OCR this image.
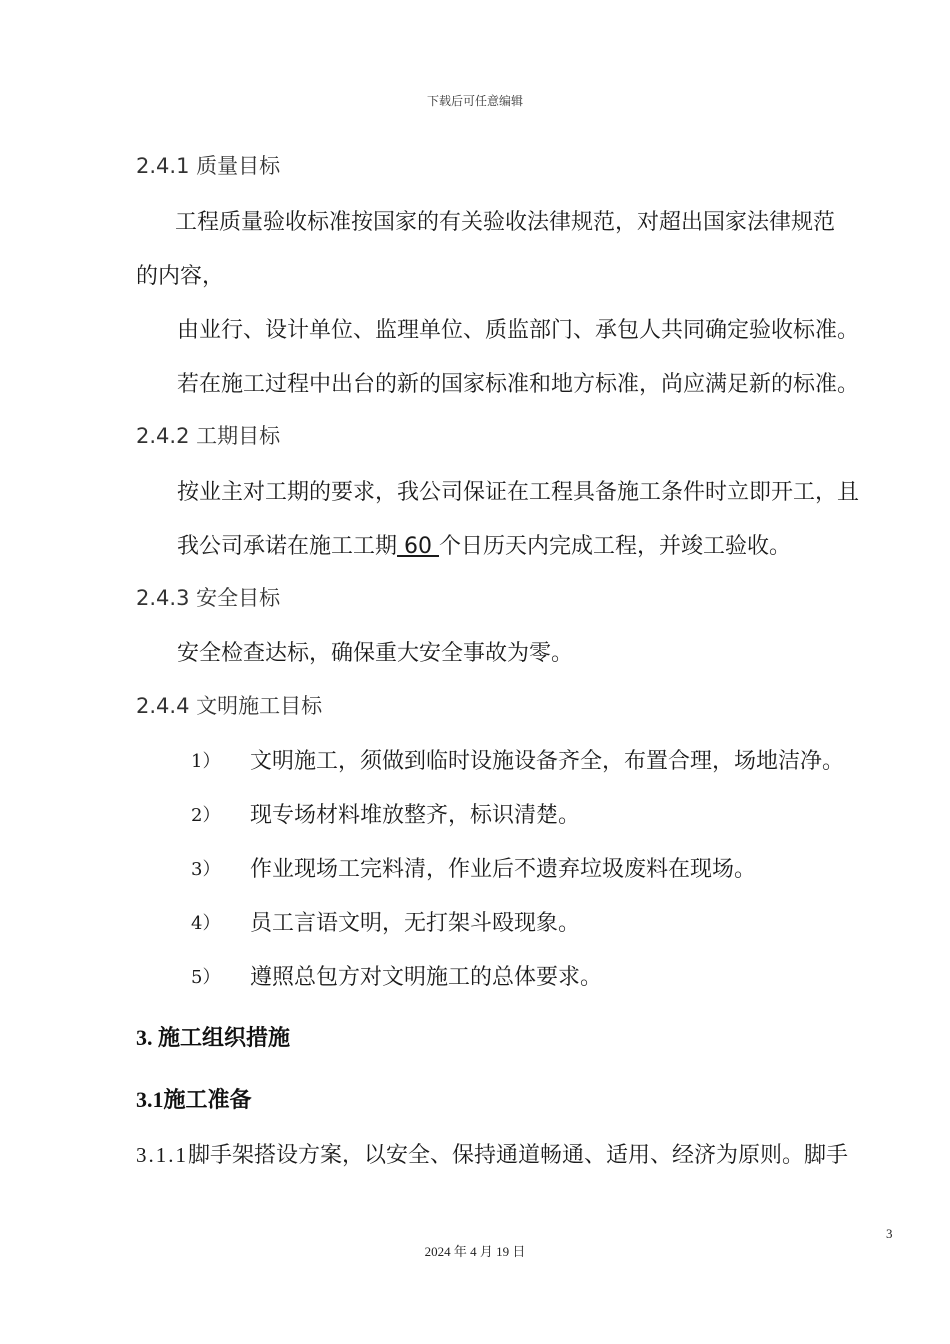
下载后可任意编辑
2.4.1 质量目标
工程质量验收标准按国家的有关验收法律规范，对超出国家法律规范
的内容，
由业行、设计单位、监理单位、质监部门、承包人共同确定验收标准。
若在施工过程中出台的新的国家标准和地方标准，尚应满足新的标准。
2.4.2 工期目标
按业主对工期的要求，我公司保证在工程具备施工条件时立即开工，且
我公司承诺在施工工期 60 个日历天内完成工程，并竣工验收。
2.4.3 安全目标
安全检查达标，确保重大安全事故为零。
2.4.4 文明施工目标
1） 文明施工，须做到临时设施设备齐全，布置合理，场地洁净。
2） 现专场材料堆放整齐，标识清楚。
3） 作业现场工完料清，作业后不遗弃垃圾废料在现场。
4） 员工言语文明，无打架斗殴现象。
5） 遵照总包方对文明施工的总体要求。
3. 施工组织措施
3.1施工准备
3.1.1脚手架搭设方案，以安全、保持通道畅通、适用、经济为原则。脚手
3
2024 年 4 月 19 日
